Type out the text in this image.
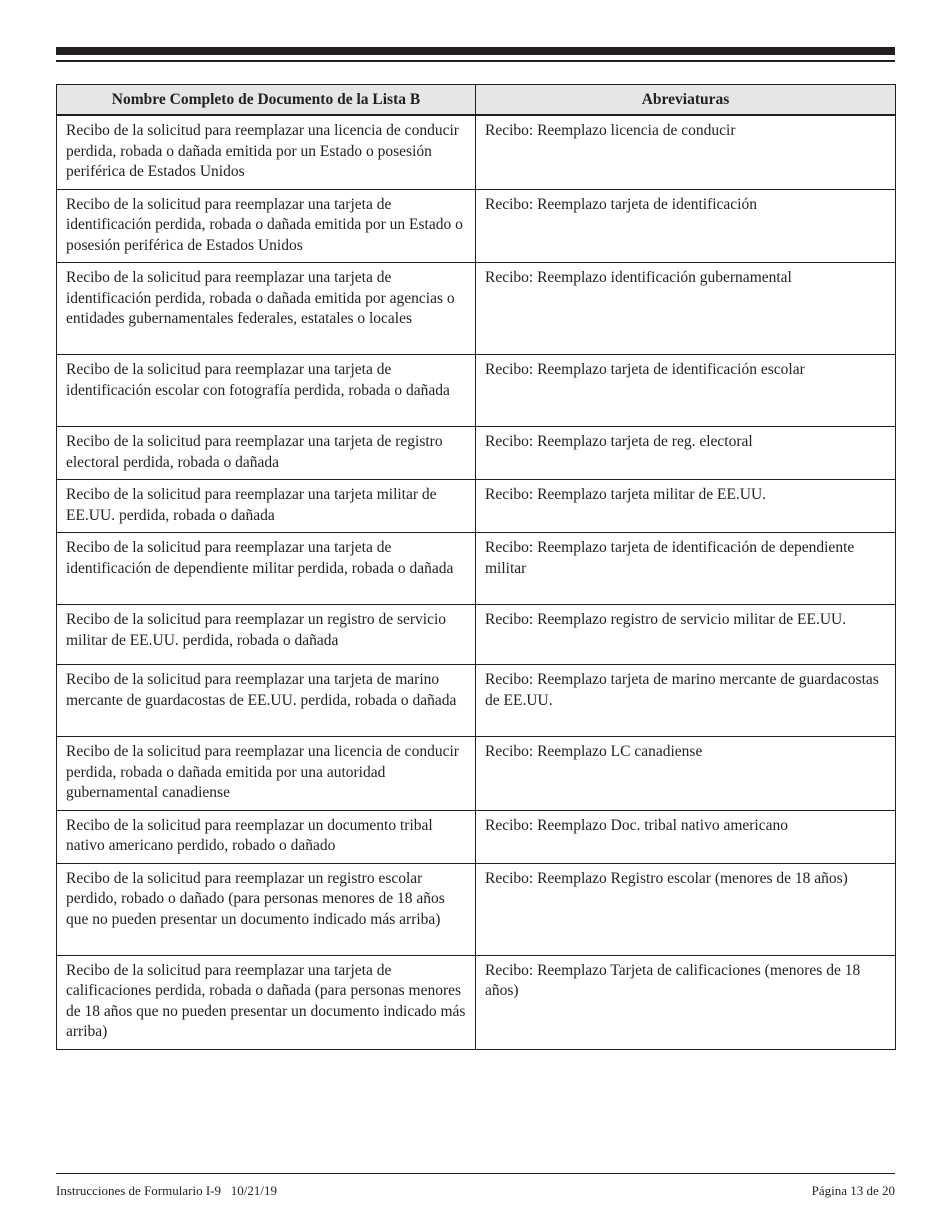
Nombre Completo de Documento de la Lista B	Abreviaturas
Recibo de la solicitud para reemplazar una licencia de conducir perdida, robada o dañada emitida por un Estado o posesión periférica de Estados Unidos	Recibo: Reemplazo licencia de conducir
Recibo de la solicitud para reemplazar una tarjeta de identificación perdida, robada o dañada emitida por un Estado o posesión periférica de Estados Unidos	Recibo: Reemplazo tarjeta de identificación
Recibo de la solicitud para reemplazar una tarjeta de identificación perdida, robada o dañada emitida por agencias o entidades gubernamentales federales, estatales o locales	Recibo: Reemplazo identificación gubernamental
Recibo de la solicitud para reemplazar una tarjeta de identificación escolar con fotografía perdida, robada o dañada	Recibo: Reemplazo tarjeta de identificación escolar
Recibo de la solicitud para reemplazar una tarjeta de registro electoral perdida, robada o dañada	Recibo: Reemplazo tarjeta de reg. electoral
Recibo de la solicitud para reemplazar una tarjeta militar de EE.UU. perdida, robada o dañada	Recibo: Reemplazo tarjeta militar de EE.UU.
Recibo de la solicitud para reemplazar una tarjeta de identificación de dependiente militar perdida, robada o dañada	Recibo: Reemplazo tarjeta de identificación de dependiente militar
Recibo de la solicitud para reemplazar un registro de servicio militar de EE.UU. perdida, robada o dañada	Recibo: Reemplazo registro de servicio militar de EE.UU.
Recibo de la solicitud para reemplazar una tarjeta de marino mercante de guardacostas de EE.UU. perdida, robada o dañada	Recibo: Reemplazo tarjeta de marino mercante de guardacostas de EE.UU.
Recibo de la solicitud para reemplazar una licencia de conducir perdida, robada o dañada emitida por una autoridad gubernamental canadiense	Recibo: Reemplazo LC canadiense
Recibo de la solicitud para reemplazar un documento tribal nativo americano perdido, robado o dañado	Recibo: Reemplazo Doc. tribal nativo americano
Recibo de la solicitud para reemplazar un registro escolar perdido, robado o dañado (para personas menores de 18 años que no pueden presentar un documento indicado más arriba)	Recibo: Reemplazo Registro escolar (menores de 18 años)
Recibo de la solicitud para reemplazar una tarjeta de calificaciones perdida, robada o dañada (para personas menores de 18 años que no pueden presentar un documento indicado más arriba)	Recibo: Reemplazo Tarjeta de calificaciones (menores de 18 años)
Instrucciones de Formulario I-9   10/21/19	Página 13 de 20
